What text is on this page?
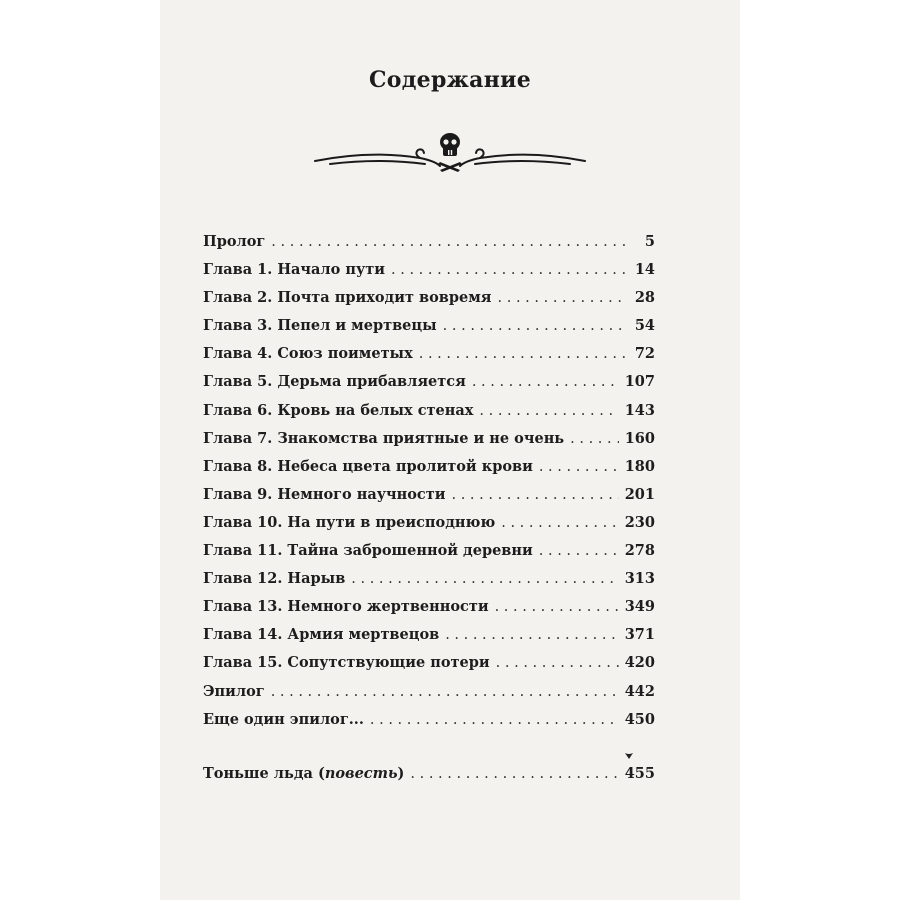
Содержание
Пролог . . .	5
Глава 1. Начало пути . . .	14
Глава 2. Почта приходит вовремя . . .	28
Глава 3. Пепел и мертвецы . . .	54
Глава 4. Союз поиметых . . .	72
Глава 5. Дерьма прибавляется . . .	107
Глава 6. Кровь на белых стенах . . .	143
Глава 7. Знакомства приятные и не очень . . .	160
Глава 8. Небеса цвета пролитой крови . . .	180
Глава 9. Немного научности . . .	201
Глава 10. На пути в преисподнюю . . .	230
Глава 11. Тайна заброшенной деревни . . .	278
Глава 12. Нарыв . . .	313
Глава 13. Немного жертвенности . . .	349
Глава 14. Армия мертвецов . . .	371
Глава 15. Сопутствующие потери . . .	420
Эпилог . . .	442
Еще один эпилог... . . .	450
Тоньше льда (повесть) . . .	455
